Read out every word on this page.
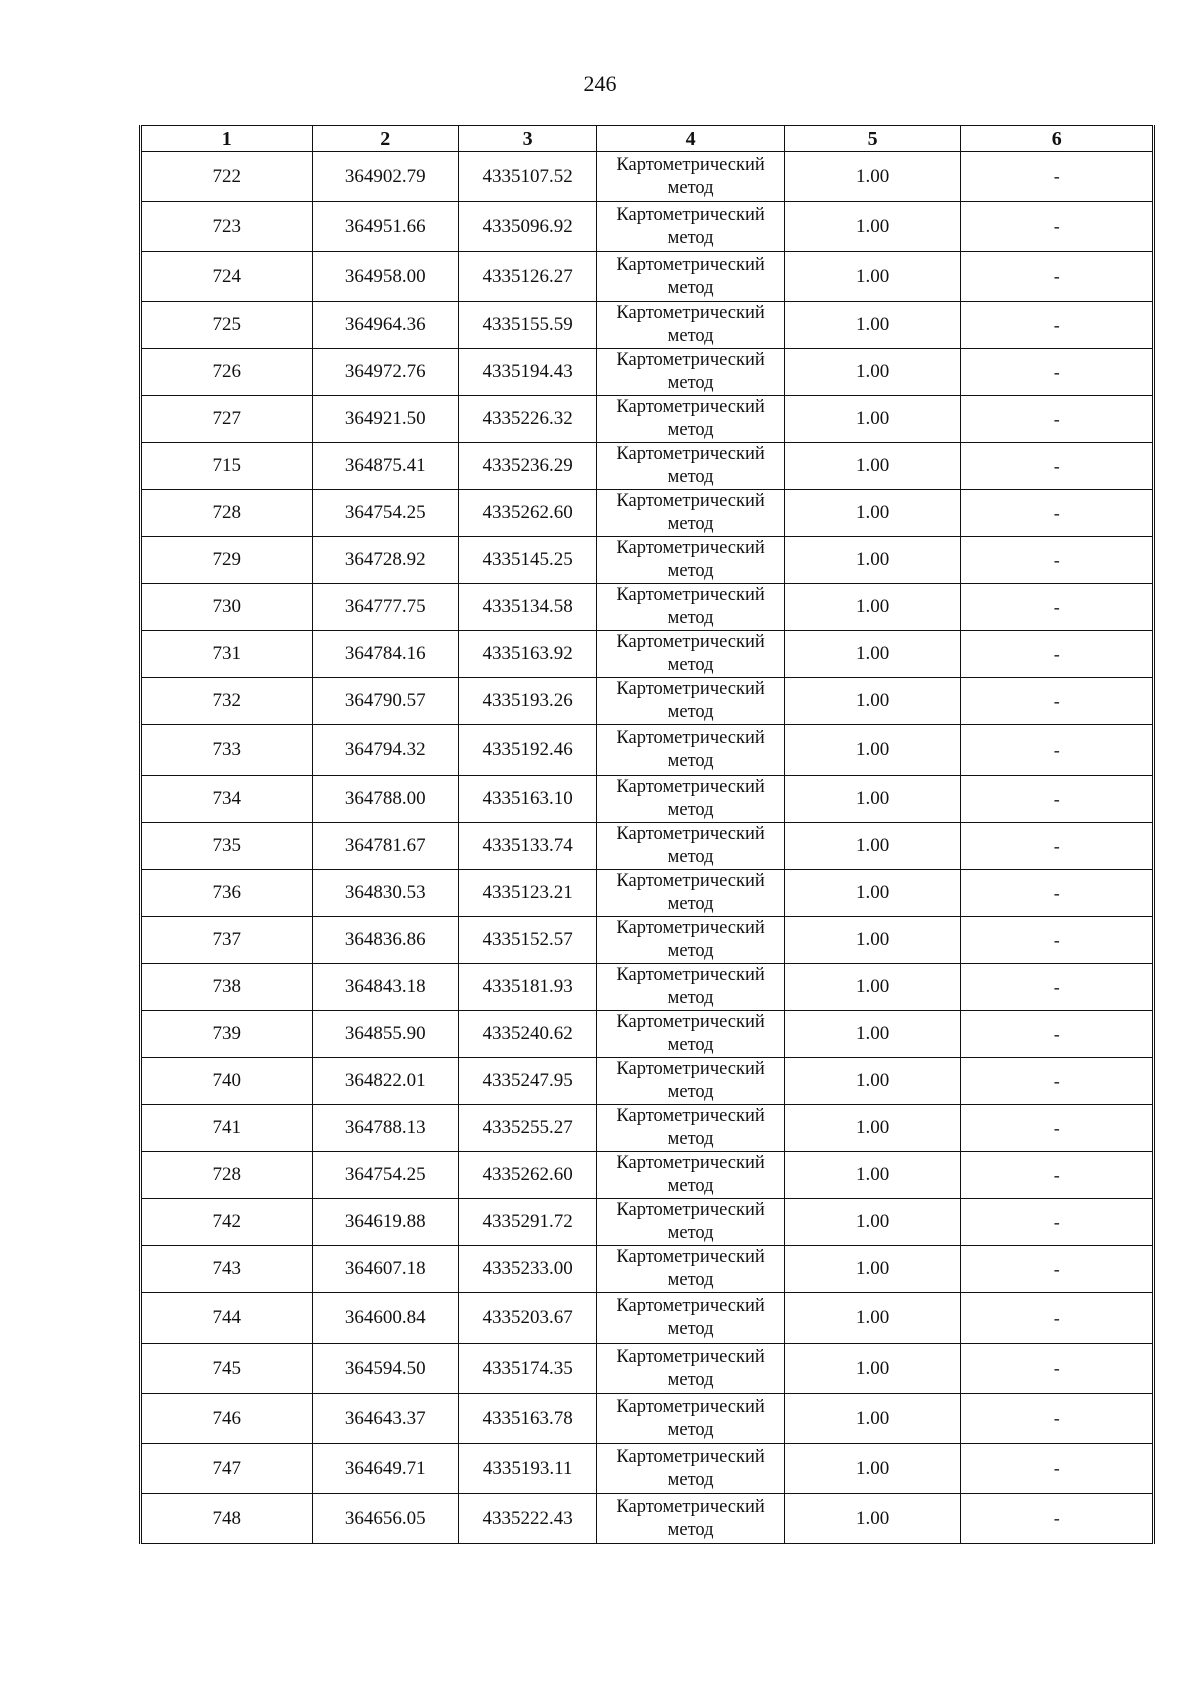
246
1	2	3	4	5	6
722	364902.79	4335107.52	Картометрический метод	1.00	-
723	364951.66	4335096.92	Картометрический метод	1.00	-
724	364958.00	4335126.27	Картометрический метод	1.00	-
725	364964.36	4335155.59	Картометрический метод	1.00	-
726	364972.76	4335194.43	Картометрический метод	1.00	-
727	364921.50	4335226.32	Картометрический метод	1.00	-
715	364875.41	4335236.29	Картометрический метод	1.00	-
728	364754.25	4335262.60	Картометрический метод	1.00	-
729	364728.92	4335145.25	Картометрический метод	1.00	-
730	364777.75	4335134.58	Картометрический метод	1.00	-
731	364784.16	4335163.92	Картометрический метод	1.00	-
732	364790.57	4335193.26	Картометрический метод	1.00	-
733	364794.32	4335192.46	Картометрический метод	1.00	-
734	364788.00	4335163.10	Картометрический метод	1.00	-
735	364781.67	4335133.74	Картометрический метод	1.00	-
736	364830.53	4335123.21	Картометрический метод	1.00	-
737	364836.86	4335152.57	Картометрический метод	1.00	-
738	364843.18	4335181.93	Картометрический метод	1.00	-
739	364855.90	4335240.62	Картометрический метод	1.00	-
740	364822.01	4335247.95	Картометрический метод	1.00	-
741	364788.13	4335255.27	Картометрический метод	1.00	-
728	364754.25	4335262.60	Картометрический метод	1.00	-
742	364619.88	4335291.72	Картометрический метод	1.00	-
743	364607.18	4335233.00	Картометрический метод	1.00	-
744	364600.84	4335203.67	Картометрический метод	1.00	-
745	364594.50	4335174.35	Картометрический метод	1.00	-
746	364643.37	4335163.78	Картометрический метод	1.00	-
747	364649.71	4335193.11	Картометрический метод	1.00	-
748	364656.05	4335222.43	Картометрический метод	1.00	-
